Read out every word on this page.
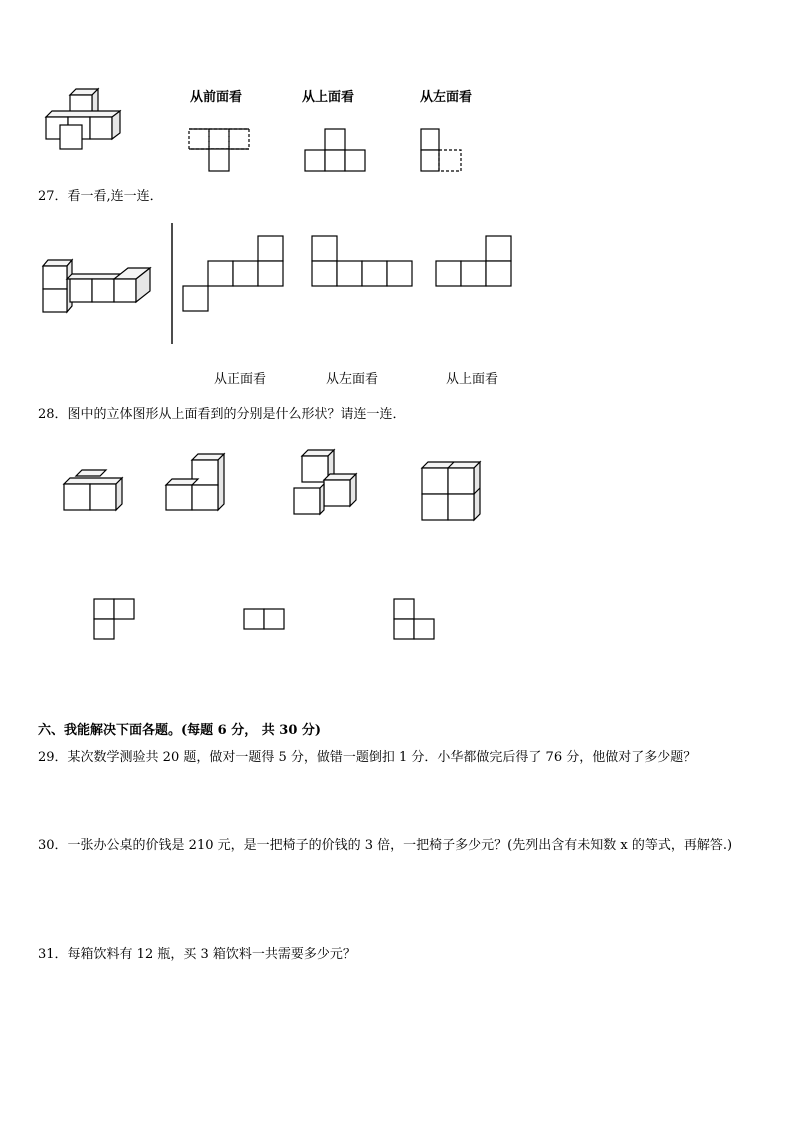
从前面看	从上面看	从左面看
27．看一看,连一连．
从正面看	从左面看	从上面看
28．图中的立体图形从上面看到的分别是什么形状？请连一连．
六、我能解决下面各题。(每题 6 分， 共 30 分)
29．某次数学测验共 20 题，做对一题得 5 分，做错一题倒扣 1 分．小华都做完后得了 76 分，他做对了多少题？
30．一张办公桌的价钱是 210 元，是一把椅子的价钱的 3 倍，一把椅子多少元？(先列出含有未知数 x 的等式，再解答.)
31．每箱饮料有 12 瓶，买 3 箱饮料一共需要多少元？
